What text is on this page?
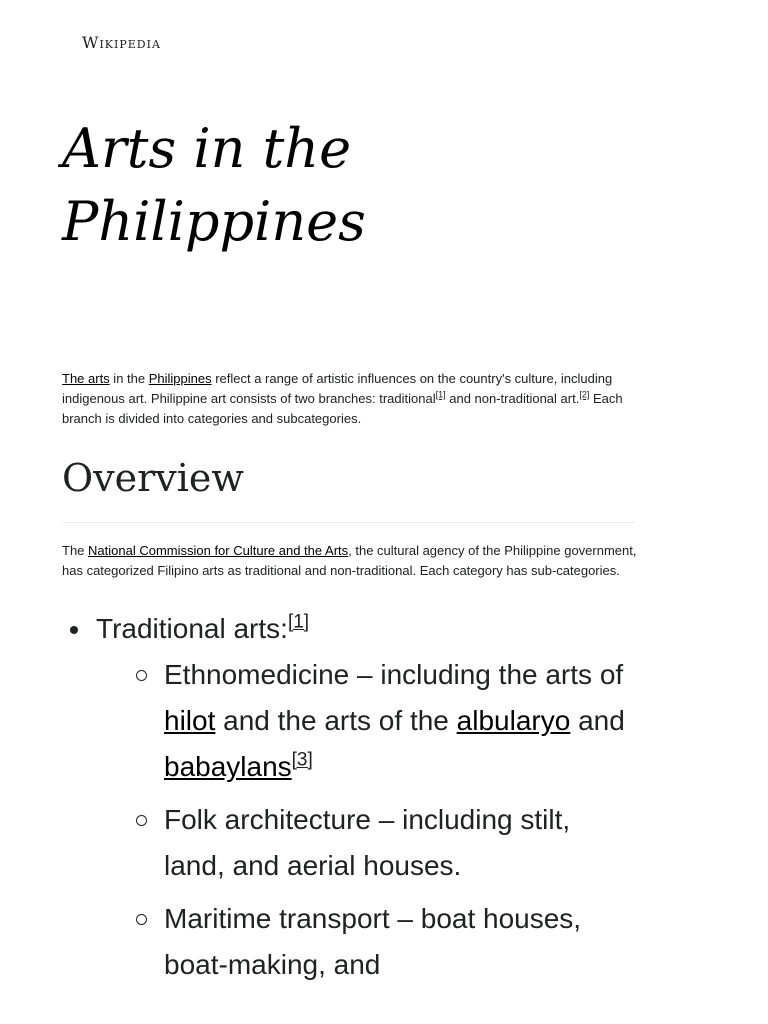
Wikipedia
Arts in the
Philippines

The arts in the Philippines reflect a range of artistic influences on the country's culture, including indigenous art. Philippine art consists of two branches: traditional[1] and non-traditional art.[2] Each branch is divided into categories and subcategories.

Overview

The National Commission for Culture and the Arts, the cultural agency of the Philippine government, has categorized Filipino arts as traditional and non-traditional. Each category has sub-categories.

Traditional arts:[1]
Ethnomedicine – including the arts of hilot and the arts of the albularyo and babaylans[3]
Folk architecture – including stilt, land, and aerial houses.
Maritime transport – boat houses, boat-making, and
